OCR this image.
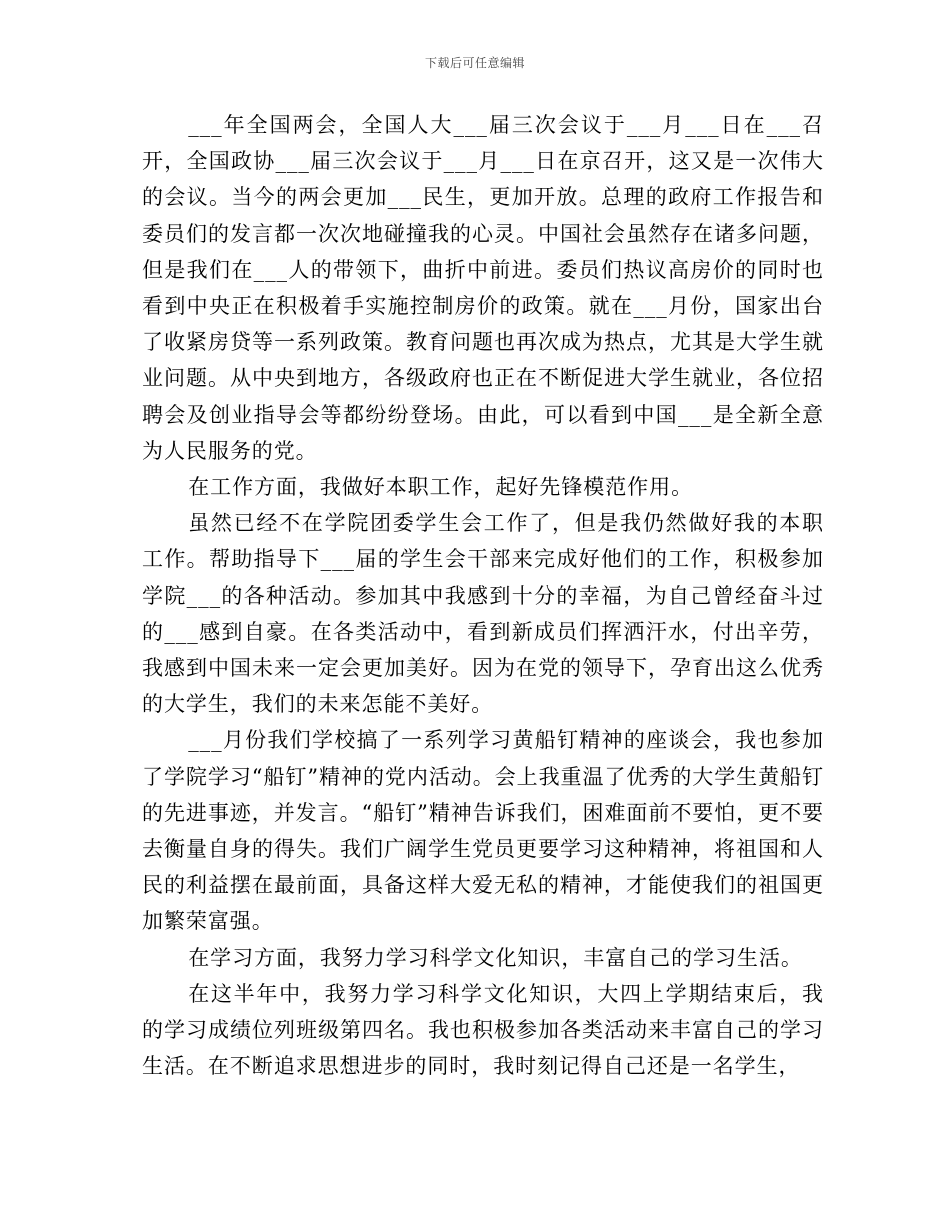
下载后可任意编辑

___年全国两会，全国人大___届三次会议于___月___日在___召开，全国政协___届三次会议于___月___日在京召开，这又是一次伟大的会议。当今的两会更加___民生，更加开放。总理的政府工作报告和委员们的发言都一次次地碰撞我的心灵。中国社会虽然存在诸多问题，但是我们在___人的带领下，曲折中前进。委员们热议高房价的同时也看到中央正在积极着手实施控制房价的政策。就在___月份，国家出台了收紧房贷等一系列政策。教育问题也再次成为热点，尤其是大学生就业问题。从中央到地方，各级政府也正在不断促进大学生就业，各位招聘会及创业指导会等都纷纷登场。由此，可以看到中国___是全新全意为人民服务的党。

在工作方面，我做好本职工作，起好先锋模范作用。

虽然已经不在学院团委学生会工作了，但是我仍然做好我的本职工作。帮助指导下___届的学生会干部来完成好他们的工作，积极参加学院___的各种活动。参加其中我感到十分的幸福，为自己曾经奋斗过的___感到自豪。在各类活动中，看到新成员们挥洒汗水，付出辛劳，我感到中国未来一定会更加美好。因为在党的领导下，孕育出这么优秀的大学生，我们的未来怎能不美好。

___月份我们学校搞了一系列学习黄船钉精神的座谈会，我也参加了学院学习“船钉”精神的党内活动。会上我重温了优秀的大学生黄船钉的先进事迹，并发言。“船钉”精神告诉我们，困难面前不要怕，更不要去衡量自身的得失。我们广阔学生党员更要学习这种精神，将祖国和人民的利益摆在最前面，具备这样大爱无私的精神，才能使我们的祖国更加繁荣富强。

在学习方面，我努力学习科学文化知识，丰富自己的学习生活。

在这半年中，我努力学习科学文化知识，大四上学期结束后，我的学习成绩位列班级第四名。我也积极参加各类活动来丰富自己的学习生活。在不断追求思想进步的同时，我时刻记得自己还是一名学生，
